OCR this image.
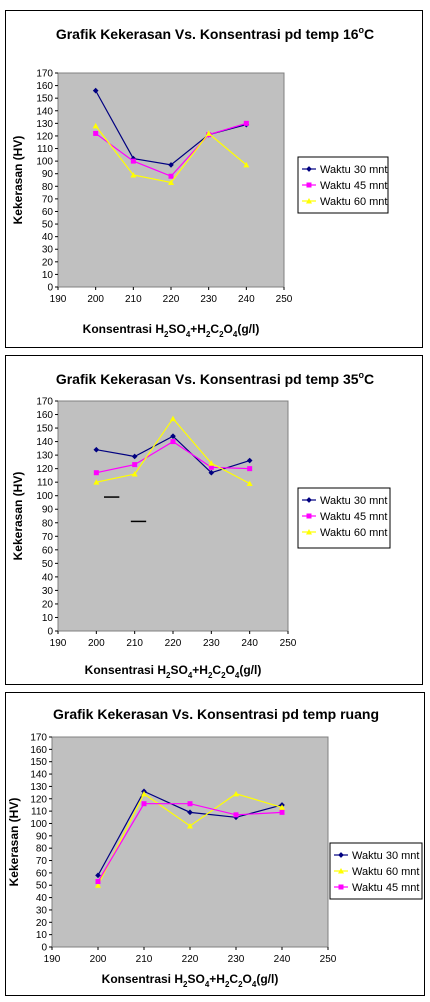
Grafik Kekerasan Vs. Konsentrasi pd temp 16$^o$C
0
10
20
30
40
50
60
70
80
90
100
110
120
130
140
150
160
170
190 200 210 220 230 240 250
Kekerasan (HV)
Konsentrasi $H_2SO_4+H_2C_2O_4(g/l)$
Waktu 30 mnt
Waktu 45 mnt
Waktu 60 mnt
Grafik Kekerasan Vs. Konsentrasi pd temp 35$^o$C
0
10
20
30
40
50
60
70
80
90
100
110
120
130
140
150
160
170
190 200 210 220 230 240 250
Kekerasan (HV)
Konsentrasi $H_2SO_4+H_2C_2O_4(g/l)$
Waktu 30 mnt
Waktu 45 mnt
Waktu 60 mnt
Grafik Kekerasan Vs. Konsentrasi pd temp ruang
0
10
20
30
40
50
60
70
80
90
100
110
120
130
140
150
160
170
190	200	210	220	230	240	250
Kekerasan (HV)
Konsentrasi $H_2SO_4+H_2C_2O_4(g/l)$
Waktu 30 mnt
Waktu 60 mnt
Waktu 45 mnt
